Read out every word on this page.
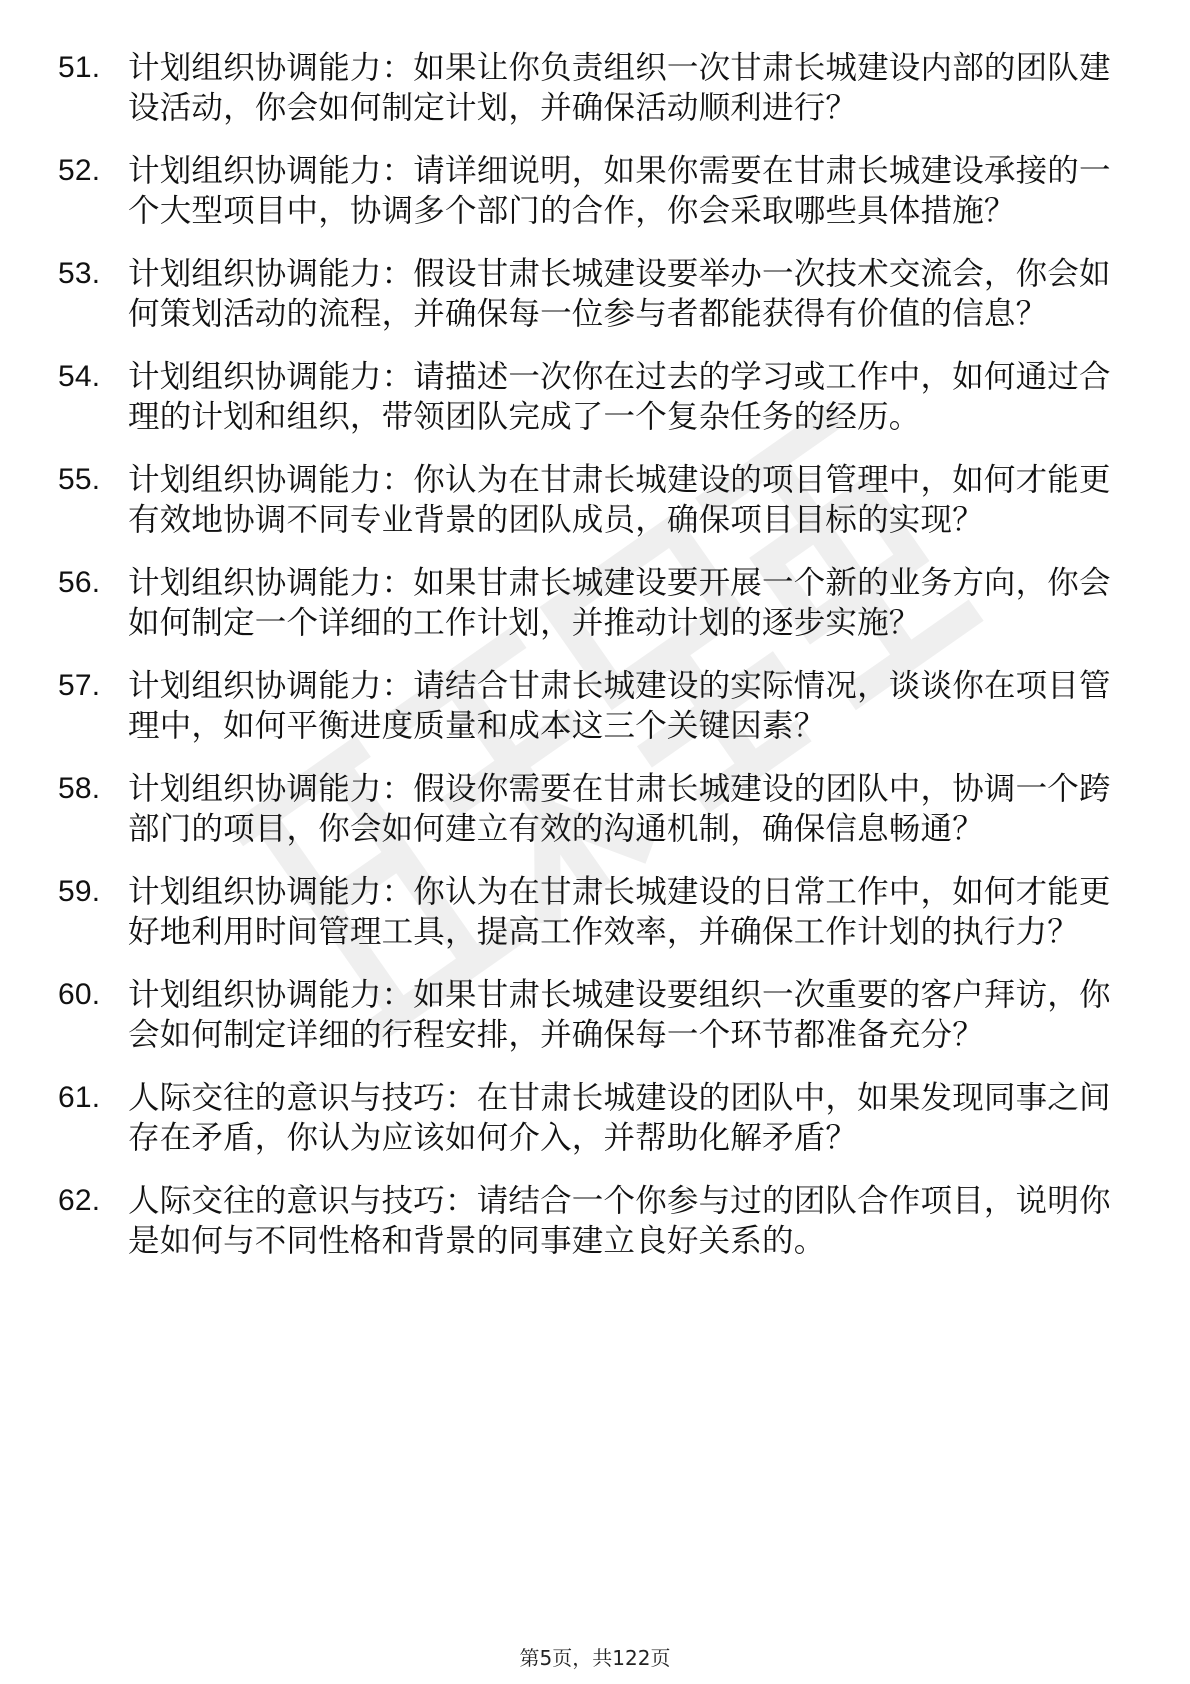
51. 计划组织协调能力：如果让你负责组织一次甘肃长城建设内部的团队建设活动，你会如何制定计划，并确保活动顺利进行？
52. 计划组织协调能力：请详细说明，如果你需要在甘肃长城建设承接的一个大型项目中，协调多个部门的合作，你会采取哪些具体措施？
53. 计划组织协调能力：假设甘肃长城建设要举办一次技术交流会，你会如何策划活动的流程，并确保每一位参与者都能获得有价值的信息？
54. 计划组织协调能力：请描述一次你在过去的学习或工作中，如何通过合理的计划和组织，带领团队完成了一个复杂任务的经历。
55. 计划组织协调能力：你认为在甘肃长城建设的项目管理中，如何才能更有效地协调不同专业背景的团队成员，确保项目目标的实现？
56. 计划组织协调能力：如果甘肃长城建设要开展一个新的业务方向，你会如何制定一个详细的工作计划，并推动计划的逐步实施？
57. 计划组织协调能力：请结合甘肃长城建设的实际情况，谈谈你在项目管理中，如何平衡进度质量和成本这三个关键因素？
58. 计划组织协调能力：假设你需要在甘肃长城建设的团队中，协调一个跨部门的项目，你会如何建立有效的沟通机制，确保信息畅通？
59. 计划组织协调能力：你认为在甘肃长城建设的日常工作中，如何才能更好地利用时间管理工具，提高工作效率，并确保工作计划的执行力？
60. 计划组织协调能力：如果甘肃长城建设要组织一次重要的客户拜访，你会如何制定详细的行程安排，并确保每一个环节都准备充分？
61. 人际交往的意识与技巧：在甘肃长城建设的团队中，如果发现同事之间存在矛盾，你认为应该如何介入，并帮助化解矛盾？
62. 人际交往的意识与技巧：请结合一个你参与过的团队合作项目，说明你是如何与不同性格和背景的同事建立良好关系的。
第5页，共122页
